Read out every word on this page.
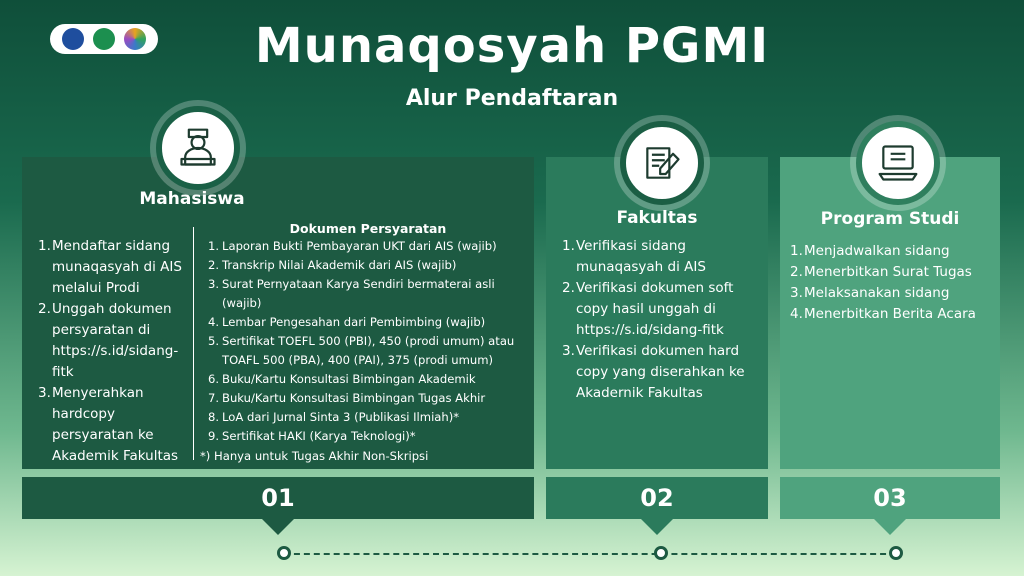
Munaqosyah PGMI
Alur Pendaftaran
Mahasiswa
Fakultas	Program Studi
1. Mendaftar sidang munaqasyah di AIS melalui Prodi
2. Unggah dokumen persyaratan di https://s.id/sidang-fitk
3. Menyerahkan hardcopy persyaratan ke Akademik Fakultas
Dokumen Persyaratan
1. Laporan Bukti Pembayaran UKT dari AIS (wajib)
2. Transkrip Nilai Akademik dari AIS (wajib)
3. Surat Pernyataan Karya Sendiri bermaterai asli (wajib)
4. Lembar Pengesahan dari Pembimbing (wajib)
5. Sertifikat TOEFL 500 (PBI), 450 (prodi umum) atau TOAFL 500 (PBA), 400 (PAI), 375 (prodi umum)
6. Buku/Kartu Konsultasi Bimbingan Akademik
7. Buku/Kartu Konsultasi Bimbingan Tugas Akhir
8. LoA dari Jurnal Sinta 3 (Publikasi Ilmiah)*
9. Sertifikat HAKI (Karya Teknologi)*
*) Hanya untuk Tugas Akhir Non-Skripsi
1. Verifikasi sidang munaqasyah di AIS
2. Verifikasi dokumen soft copy hasil unggah di https://s.id/sidang-fitk
3. Verifikasi dokumen hard copy yang diserahkan ke Akadernik Fakultas
1. Menjadwalkan sidang
2. Menerbitkan Surat Tugas
3. Melaksanakan sidang
4. Menerbitkan Berita Acara
01	02	03
